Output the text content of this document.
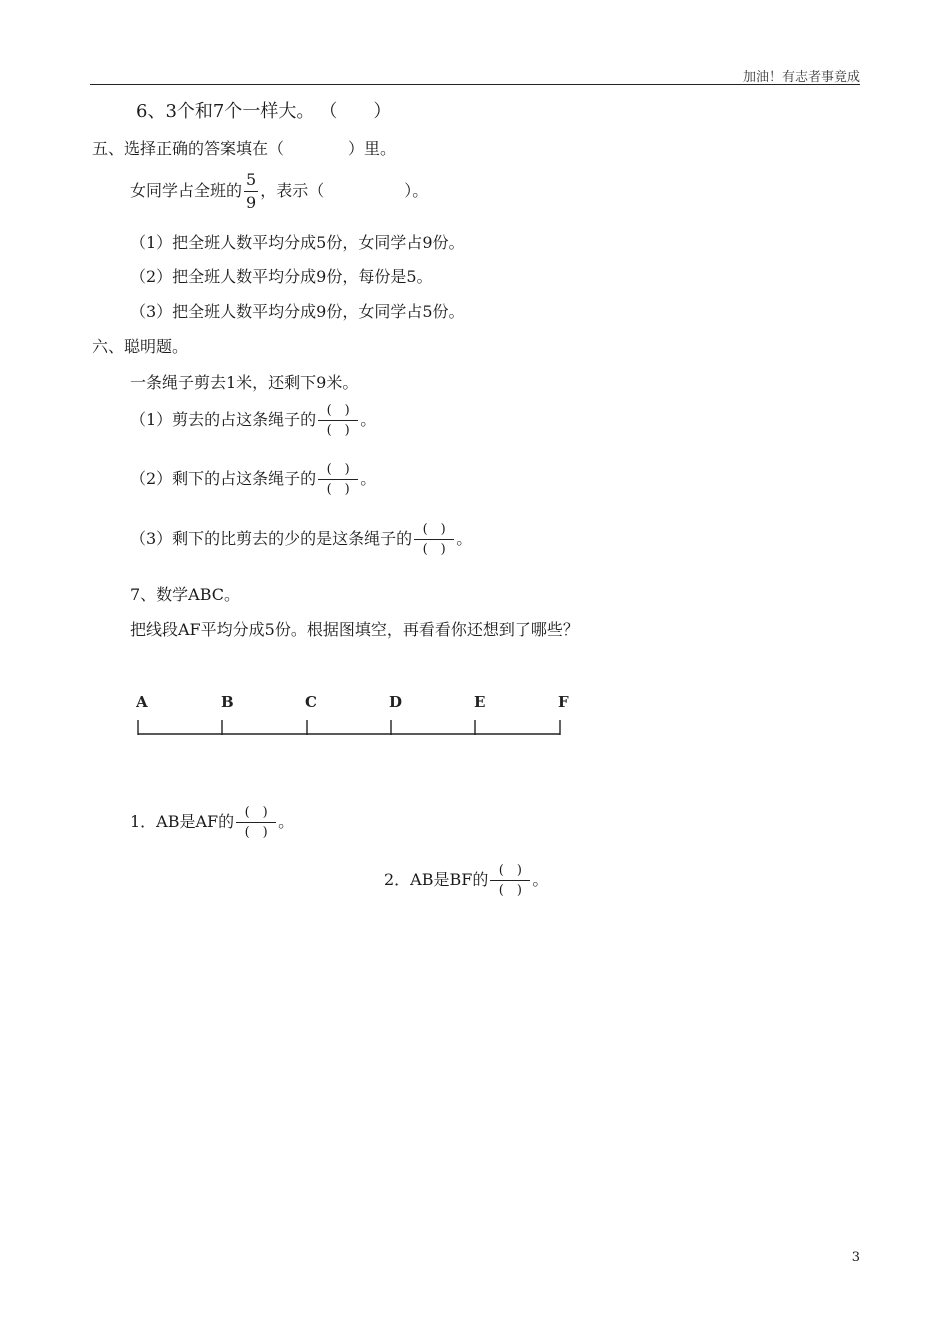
加油！有志者事竟成
6、3个和7个一样大。 （　　）
五、选择正确的答案填在（　　　　）里。
女同学占全班的 $\frac{5}{9}$ ，表示（　　　　　）。
（1）把全班人数平均分成5份，女同学占9份。
（2）把全班人数平均分成9份，每份是5。
（3）把全班人数平均分成9份，女同学占5份。
六、聪明题。
一条绳子剪去1米，还剩下9米。
（1）剪去的占这条绳子的 $\frac{( )}{( )}$ 。
（2）剩下的占这条绳子的 $\frac{( )}{( )}$ 。
（3）剩下的比剪去的少的是这条绳子的 $\frac{( )}{( )}$ 。
7、数学ABC。
把线段AF平均分成5份。根据图填空，再看看你还想到了哪些？
A	B	C	D	E	F
1．AB是AF的 $\frac{( )}{( )}$ 。
2．AB是BF的 $\frac{( )}{( )}$ 。
3
